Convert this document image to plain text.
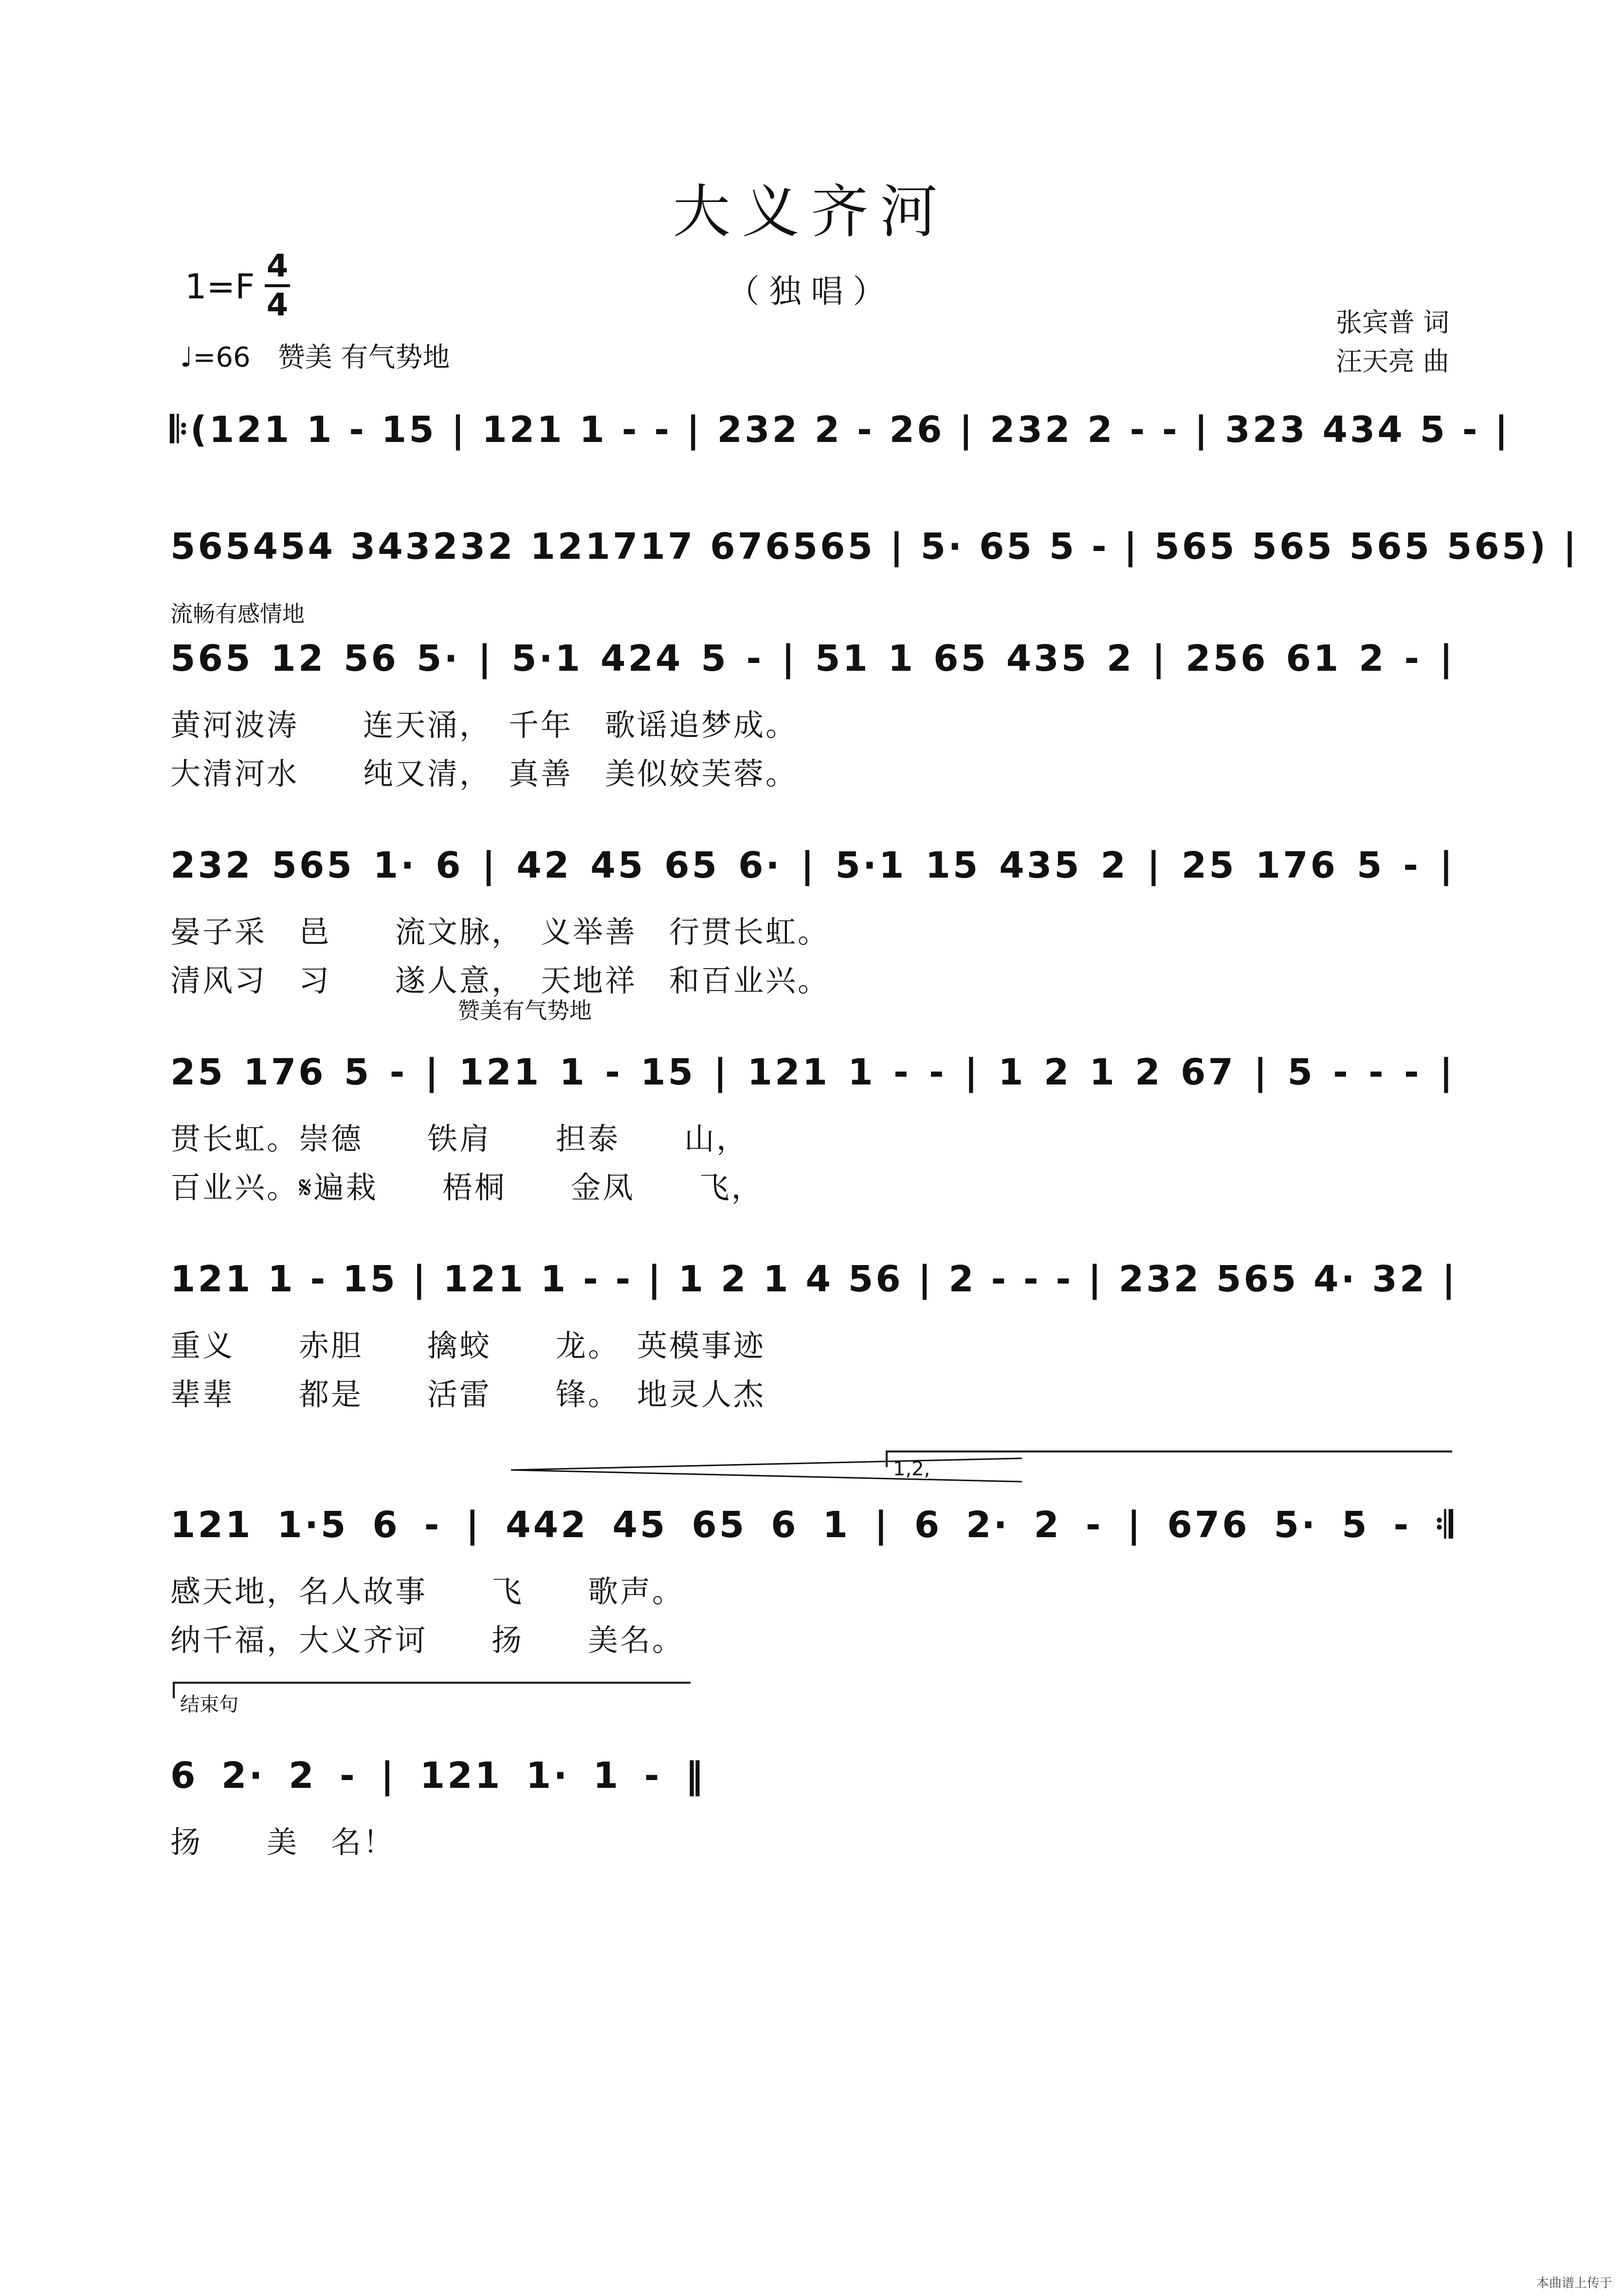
大义齐河
（独唱）
1=F
4
4
♩=66　赞美 有气势地
张宾普 词
汪天亮 曲
𝄆(121 1 - 15 | 121 1 - - | 232 2 - 26 | 232 2 - - | 323 434 5 - |
565454 343232 121717 676565 | 5· 65 5 - | 565 565 565 565) |
流畅有感情地
565 12 56 5· | 5·1 424 5 - | 51 1 65 435 2 | 256 61 2 - |
黄河波涛　　连天涌，　千年　歌谣追梦成。
大清河水　　纯又清，　真善　美似姣芙蓉。
232 565 1· 6 | 42 45 65 6· | 5·1 15 435 2 | 25 176 5 - |
晏子采　邑　　流文脉，　义举善　行贯长虹。
清风习　习　　遂人意，　天地祥　和百业兴。
赞美有气势地
25 176 5 - | 121 1 - 15 | 121 1 - - | 1 2 1 2 67 | 5 - - - |
贯长虹。崇德　　铁肩　　担泰　　山，
百业兴。𝄋遍栽　　梧桐　　金凤　　飞，
121 1 - 15 | 121 1 - - | 1 2 1 4 56 | 2 - - - | 232 565 4· 32 |
重义　　赤胆　　擒蛟　　龙。　英模事迹
辈辈　　都是　　活雷　　锋。　地灵人杰
1,2,
121 1·5 6 - | 442 45 65 6 1 | 6 2· 2 - | 676 5· 5 - 𝄇
感天地，名人故事　　飞　　歌声。
纳千福，大义齐诃　　扬　　美名。
结束句
6 2· 2 - | 121 1· 1 - ‖
扬　　美　名！
本曲谱上传于
